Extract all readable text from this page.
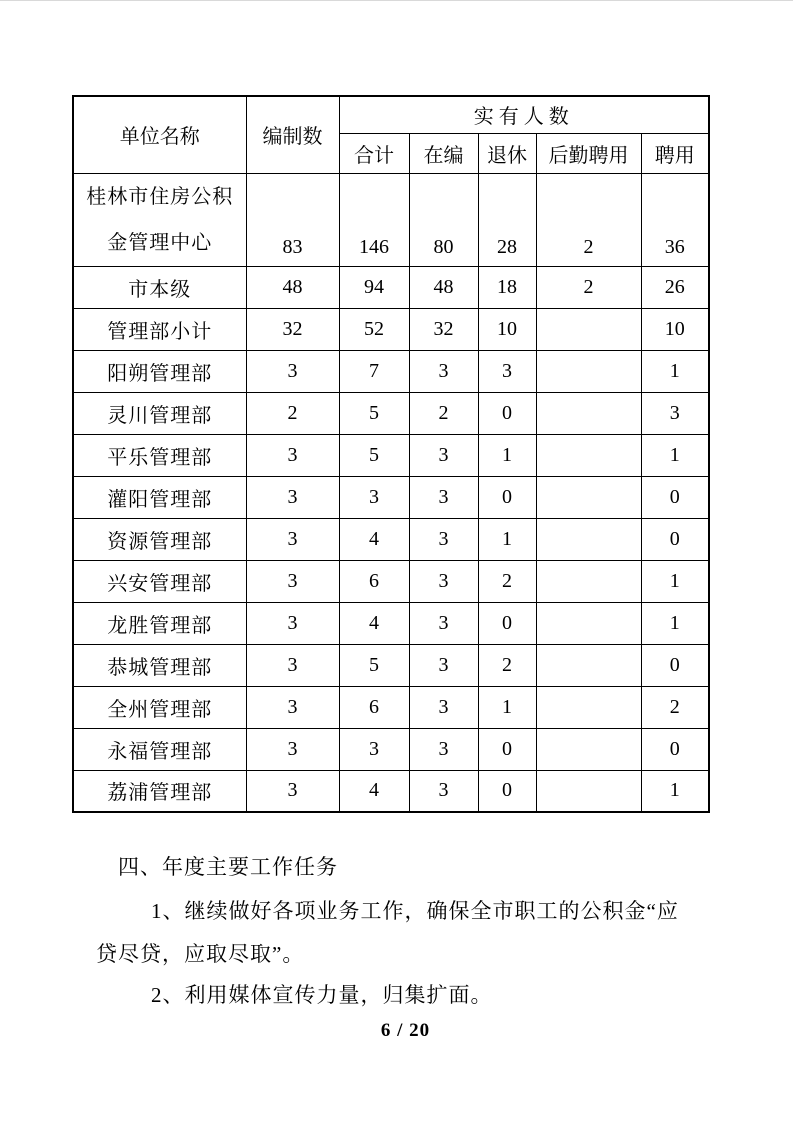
单位名称	编制数	实有人数				
		合计	在编	退休	后勤聘用	聘用

桂林市住房公积
金管理中心	83	146	80	28	2	36
市本级	48	94	48	18	2	26
管理部小计	32	52	32	10		10
阳朔管理部	3	7	3	3		1
灵川管理部	2	5	2	0		3
平乐管理部	3	5	3	1		1
灌阳管理部	3	3	3	0		0
资源管理部	3	4	3	1		0
兴安管理部	3	6	3	2		1
龙胜管理部	3	4	3	0		1
恭城管理部	3	5	3	2		0
全州管理部	3	6	3	1		2
永福管理部	3	3	3	0		0
荔浦管理部	3	4	3	0		1
四、年度主要工作任务
1、继续做好各项业务工作，确保全市职工的公积金“应
贷尽贷，应取尽取”。
2、利用媒体宣传力量，归集扩面。
6 / 20
